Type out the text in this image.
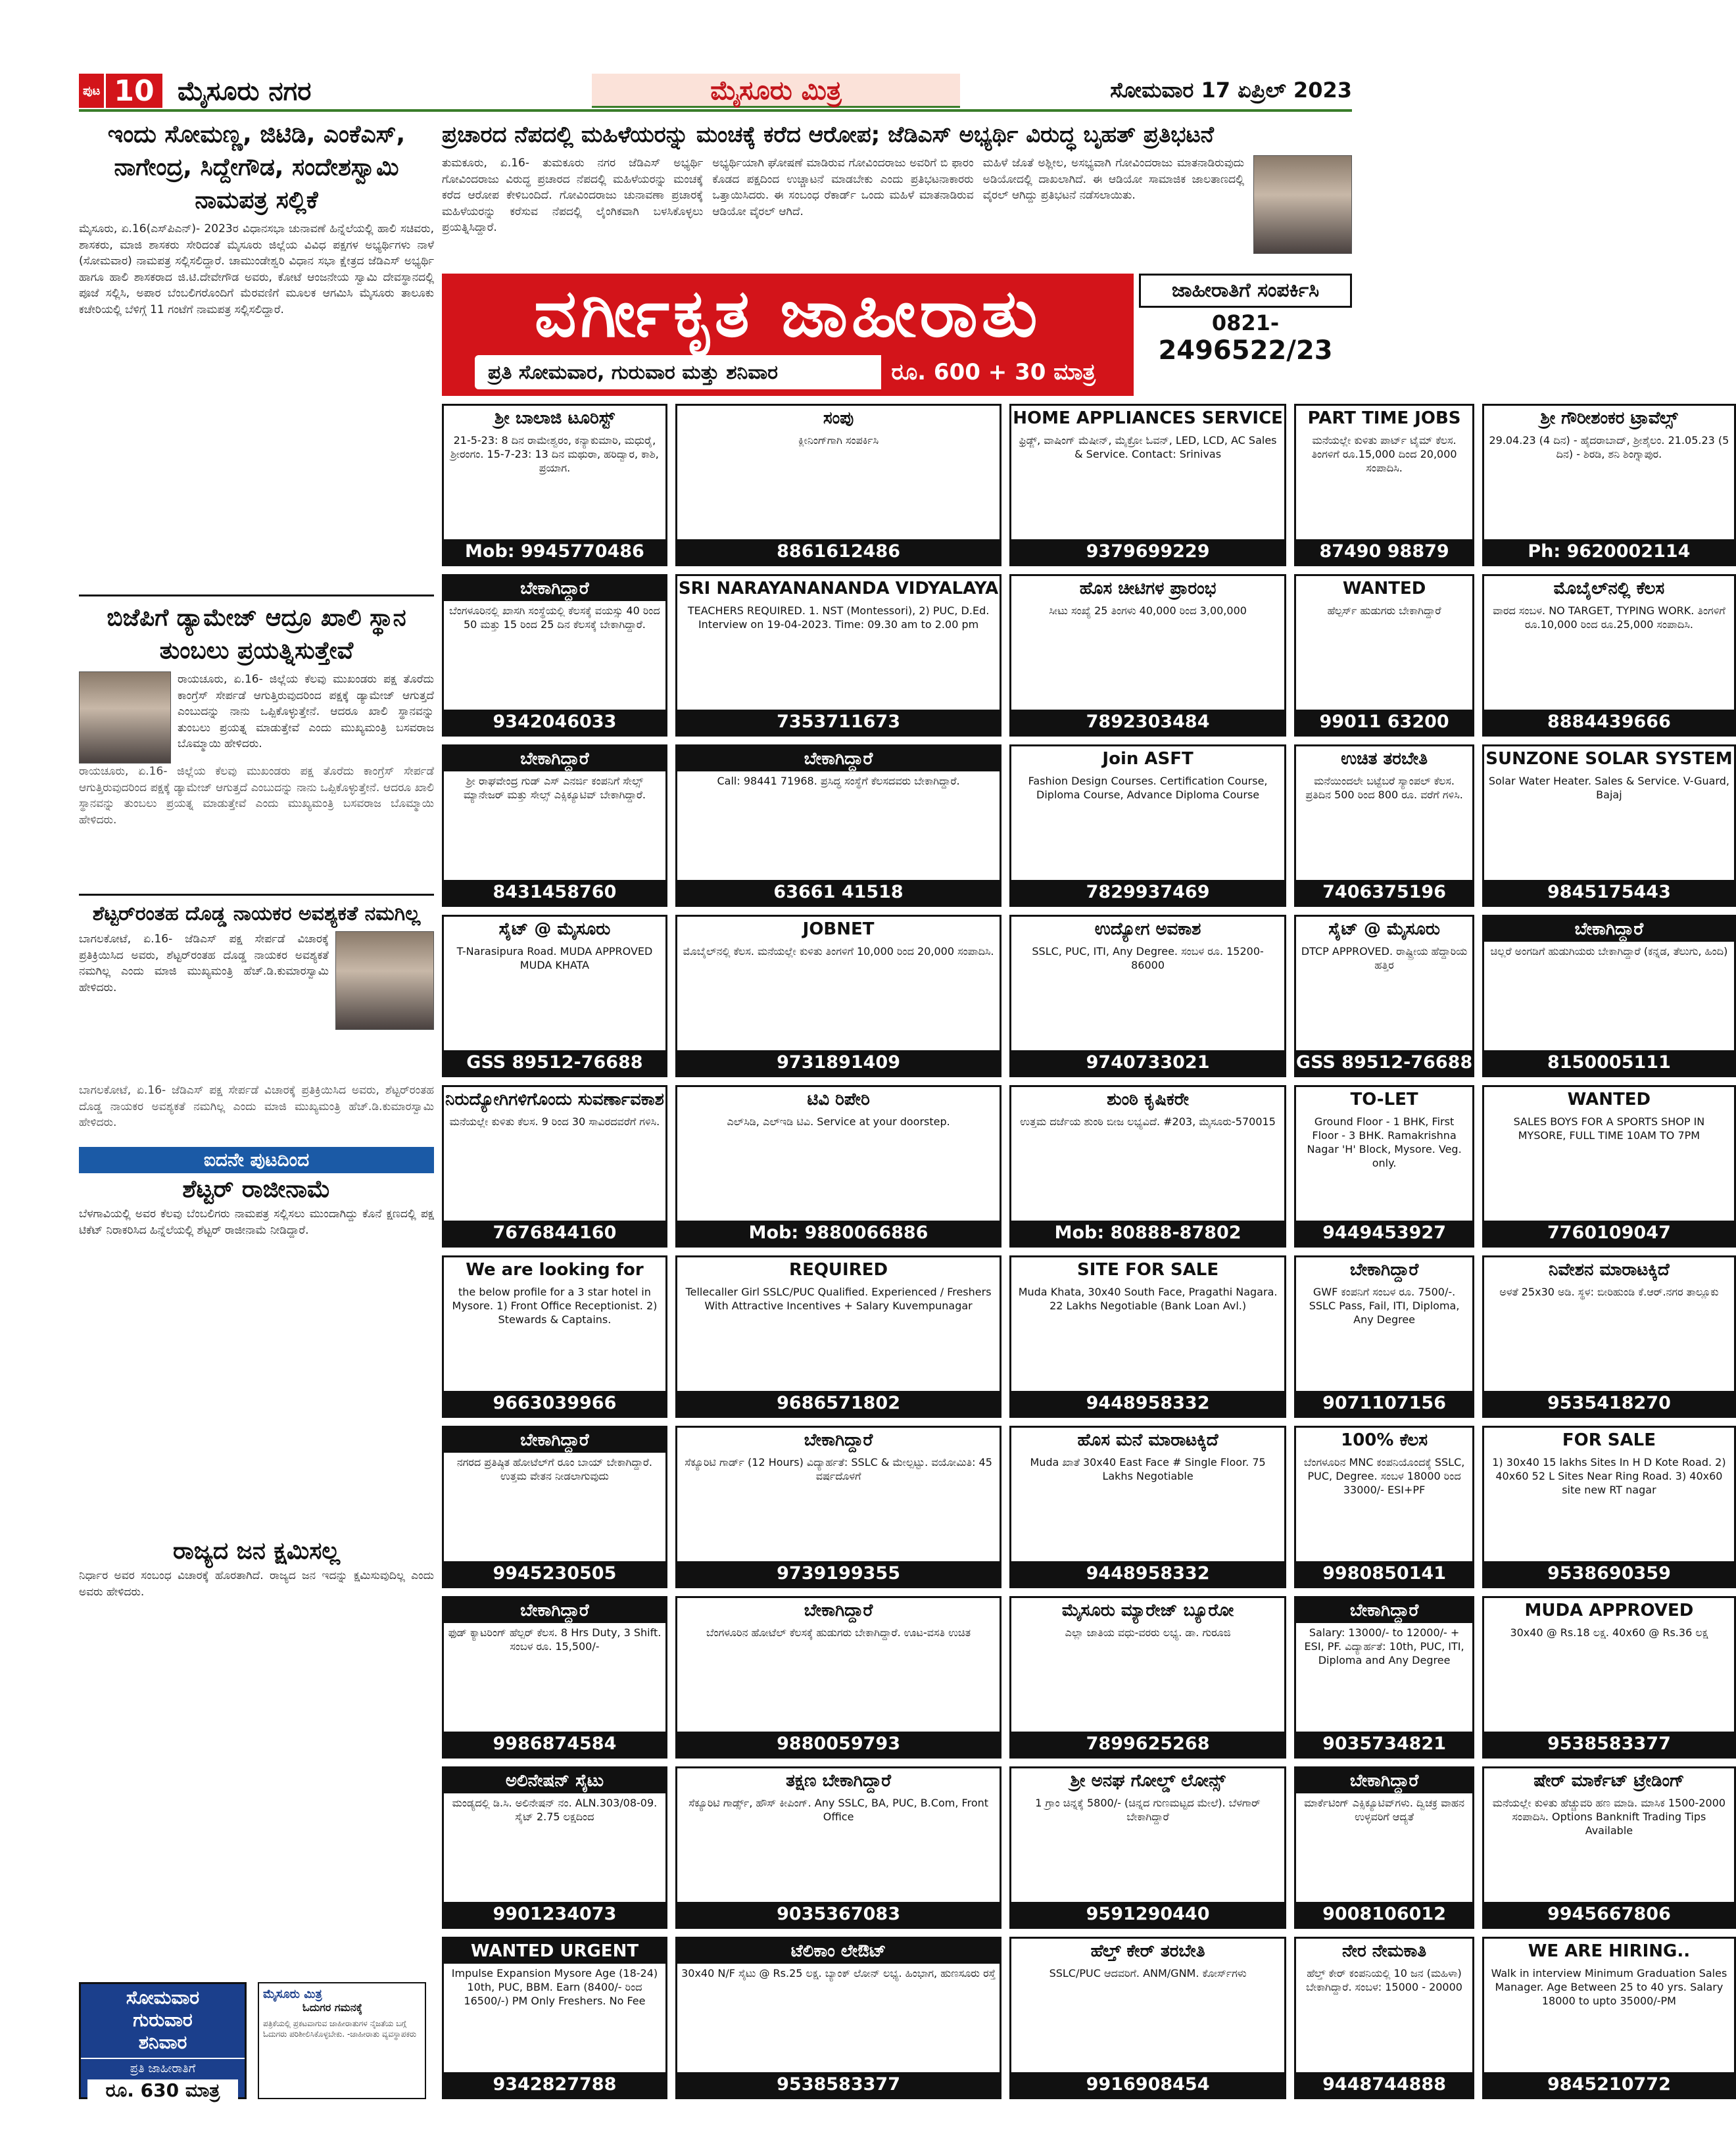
ಪುಟ 10 ಮೈಸೂರು ನಗರ	ಮೈಸೂರು ಮಿತ್ರ	ಸೋಮವಾರ 17 ಏಪ್ರಿಲ್ 2023
ಇಂದು ಸೋಮಣ್ಣ, ಜಿಟಿಡಿ, ಎಂಕೆಎಸ್, ನಾಗೇಂದ್ರ, ಸಿದ್ದೇಗೌಡ, ಸಂದೇಶಸ್ವಾಮಿ ನಾಮಪತ್ರ ಸಲ್ಲಿಕೆ
ಮೈಸೂರು, ಏ.16(ಎಸ್‌ಪಿಎನ್)- 2023ರ ವಿಧಾನಸಭಾ ಚುನಾವಣೆ ಹಿನ್ನೆಲೆಯಲ್ಲಿ ಹಾಲಿ ಸಚಿವರು, ಶಾಸಕರು, ಮಾಜಿ ಶಾಸಕರು ಸೇರಿದಂತೆ ಮೈಸೂರು ಜಿಲ್ಲೆಯ ವಿವಿಧ ಪಕ್ಷಗಳ ಅಭ್ಯರ್ಥಿಗಳು ನಾಳೆ (ಸೋಮವಾರ) ನಾಮಪತ್ರ ಸಲ್ಲಿಸಲಿದ್ದಾರೆ. ಚಾಮುಂಡೇಶ್ವರಿ ವಿಧಾನ ಸಭಾ ಕ್ಷೇತ್ರದ ಜೆಡಿಎಸ್ ಅಭ್ಯರ್ಥಿ ಹಾಗೂ ಹಾಲಿ ಶಾಸಕರಾದ ಜಿ.ಟಿ.ದೇವೇಗೌಡ ಅವರು, ಕೋಟೆ ಆಂಜನೇಯ ಸ್ವಾಮಿ ದೇವಸ್ಥಾನದಲ್ಲಿ ಪೂಜೆ ಸಲ್ಲಿಸಿ, ಅಪಾರ ಬೆಂಬಲಿಗರೊಂದಿಗೆ ಮೆರವಣಿಗೆ ಮೂಲಕ ಆಗಮಿಸಿ ಮೈಸೂರು ತಾಲೂಕು ಕಚೇರಿಯಲ್ಲಿ ಬೆಳಿಗ್ಗೆ 11 ಗಂಟೆಗೆ ನಾಮಪತ್ರ ಸಲ್ಲಿಸಲಿದ್ದಾರೆ.
ಬಿಜೆಪಿಗೆ ಡ್ಯಾಮೇಜ್ ಆದ್ರೂ ಖಾಲಿ ಸ್ಥಾನ ತುಂಬಲು ಪ್ರಯತ್ನಿಸುತ್ತೇವೆ
ರಾಯಚೂರು, ಏ.16- ಜಿಲ್ಲೆಯ ಕೆಲವು ಮುಖಂಡರು ಪಕ್ಷ ತೊರೆದು ಕಾಂಗ್ರೆಸ್ ಸೇರ್ಪಡೆ ಆಗುತ್ತಿರುವುದರಿಂದ ಪಕ್ಷಕ್ಕೆ ಡ್ಯಾಮೇಜ್ ಆಗುತ್ತದೆ ಎಂಬುದನ್ನು ನಾನು ಒಪ್ಪಿಕೊಳ್ಳುತ್ತೇನೆ. ಆದರೂ ಖಾಲಿ ಸ್ಥಾನವನ್ನು ತುಂಬಲು ಪ್ರಯತ್ನ ಮಾಡುತ್ತೇವೆ ಎಂದು ಮುಖ್ಯಮಂತ್ರಿ ಬಸವರಾಜ ಬೊಮ್ಮಾಯಿ ಹೇಳಿದರು.
ರಾಯಚೂರು, ಏ.16- ಜಿಲ್ಲೆಯ ಕೆಲವು ಮುಖಂಡರು ಪಕ್ಷ ತೊರೆದು ಕಾಂಗ್ರೆಸ್ ಸೇರ್ಪಡೆ ಆಗುತ್ತಿರುವುದರಿಂದ ಪಕ್ಷಕ್ಕೆ ಡ್ಯಾಮೇಜ್ ಆಗುತ್ತದೆ ಎಂಬುದನ್ನು ನಾನು ಒಪ್ಪಿಕೊಳ್ಳುತ್ತೇನೆ. ಆದರೂ ಖಾಲಿ ಸ್ಥಾನವನ್ನು ತುಂಬಲು ಪ್ರಯತ್ನ ಮಾಡುತ್ತೇವೆ ಎಂದು ಮುಖ್ಯಮಂತ್ರಿ ಬಸವರಾಜ ಬೊಮ್ಮಾಯಿ ಹೇಳಿದರು.
ಶೆಟ್ಟರ್‌ರಂತಹ ದೊಡ್ಡ ನಾಯಕರ ಅವಶ್ಯಕತೆ ನಮಗಿಲ್ಲ
ಬಾಗಲಕೋಟೆ, ಏ.16- ಜೆಡಿಎಸ್ ಪಕ್ಷ ಸೇರ್ಪಡೆ ವಿಚಾರಕ್ಕೆ ಪ್ರತಿಕ್ರಿಯಿಸಿದ ಅವರು, ಶೆಟ್ಟರ್‌ರಂತಹ ದೊಡ್ಡ ನಾಯಕರ ಅವಶ್ಯಕತೆ ನಮಗಿಲ್ಲ ಎಂದು ಮಾಜಿ ಮುಖ್ಯಮಂತ್ರಿ ಹೆಚ್.ಡಿ.ಕುಮಾರಸ್ವಾಮಿ ಹೇಳಿದರು.
ಬಾಗಲಕೋಟೆ, ಏ.16- ಜೆಡಿಎಸ್ ಪಕ್ಷ ಸೇರ್ಪಡೆ ವಿಚಾರಕ್ಕೆ ಪ್ರತಿಕ್ರಿಯಿಸಿದ ಅವರು, ಶೆಟ್ಟರ್‌ರಂತಹ ದೊಡ್ಡ ನಾಯಕರ ಅವಶ್ಯಕತೆ ನಮಗಿಲ್ಲ ಎಂದು ಮಾಜಿ ಮುಖ್ಯಮಂತ್ರಿ ಹೆಚ್.ಡಿ.ಕುಮಾರಸ್ವಾಮಿ ಹೇಳಿದರು.
ಐದನೇ ಪುಟದಿಂದ
ಶೆಟ್ಟರ್ ರಾಜೀನಾಮೆ
ಬೆಳಗಾವಿಯಲ್ಲಿ ಅವರ ಕೆಲವು ಬೆಂಬಲಿಗರು ನಾಮಪತ್ರ ಸಲ್ಲಿಸಲು ಮುಂದಾಗಿದ್ದು ಕೊನೆ ಕ್ಷಣದಲ್ಲಿ ಪಕ್ಷ ಟಿಕೆಟ್ ನಿರಾಕರಿಸಿದ ಹಿನ್ನೆಲೆಯಲ್ಲಿ ಶೆಟ್ಟರ್ ರಾಜೀನಾಮೆ ನೀಡಿದ್ದಾರೆ.
ರಾಜ್ಯದ ಜನ ಕ್ಷಮಿಸಲ್ಲ
ನಿರ್ಧಾರ ಅವರ ಸಂಬಂಧ ವಿಚಾರಕ್ಕೆ ಹೊರತಾಗಿದೆ. ರಾಜ್ಯದ ಜನ ಇದನ್ನು ಕ್ಷಮಿಸುವುದಿಲ್ಲ ಎಂದು ಅವರು ಹೇಳಿದರು.
ಸೋಮವಾರ
ಗುರುವಾರ
ಶನಿವಾರ
ಪ್ರತಿ ಜಾಹೀರಾತಿಗೆ
ರೂ. 630 ಮಾತ್ರ
ಮೈಸೂರು ಮಿತ್ರ
ಓದುಗರ ಗಮನಕ್ಕೆ
ಪತ್ರಿಕೆಯಲ್ಲಿ ಪ್ರಕಟವಾಗುವ ಜಾಹೀರಾತುಗಳ ನೈಜತೆಯ ಬಗ್ಗೆ ಓದುಗರು ಪರಿಶೀಲಿಸಿಕೊಳ್ಳಬೇಕು. -ಜಾಹೀರಾತು ವ್ಯವಸ್ಥಾಪಕರು
ಪ್ರಚಾರದ ನೆಪದಲ್ಲಿ ಮಹಿಳೆಯರನ್ನು ಮಂಚಕ್ಕೆ ಕರೆದ ಆರೋಪ; ಜೆಡಿಎಸ್ ಅಭ್ಯರ್ಥಿ ವಿರುದ್ಧ ಬೃಹತ್ ಪ್ರತಿಭಟನೆ
ತುಮಕೂರು, ಏ.16- ತುಮಕೂರು ನಗರ ಜೆಡಿಎಸ್ ಅಭ್ಯರ್ಥಿ ಗೋವಿಂದರಾಜು ವಿರುದ್ಧ ಪ್ರಚಾರದ ನೆಪದಲ್ಲಿ ಮಹಿಳೆಯರನ್ನು ಮಂಚಕ್ಕೆ ಕರೆದ ಆರೋಪ ಕೇಳಿಬಂದಿದೆ. ಗೋವಿಂದರಾಜು ಚುನಾವಣಾ ಪ್ರಚಾರಕ್ಕೆ ಮಹಿಳೆಯರನ್ನು ಕರೆಸುವ ನೆಪದಲ್ಲಿ ಲೈಂಗಿಕವಾಗಿ ಬಳಸಿಕೊಳ್ಳಲು ಪ್ರಯತ್ನಿಸಿದ್ದಾರೆ.
ಅಭ್ಯರ್ಥಿಯಾಗಿ ಘೋಷಣೆ ಮಾಡಿರುವ ಗೋವಿಂದರಾಜು ಅವರಿಗೆ ಬಿ ಫಾರಂ ಕೊಡದ ಪಕ್ಷದಿಂದ ಉಚ್ಚಾಟನೆ ಮಾಡಬೇಕು ಎಂದು ಪ್ರತಿಭಟನಾಕಾರರು ಒತ್ತಾಯಿಸಿದರು. ಈ ಸಂಬಂಧ ರೆಕಾರ್ಡ್ ಒಂದು ಮಹಿಳೆ ಮಾತನಾಡಿರುವ ಆಡಿಯೋ ವೈರಲ್ ಆಗಿದೆ.
ಮಹಿಳೆ ಜೊತೆ ಅಶ್ಲೀಲ, ಅಸಭ್ಯವಾಗಿ ಗೋವಿಂದರಾಜು ಮಾತನಾಡಿರುವುದು ಅಡಿಯೋದಲ್ಲಿ ದಾಖಲಾಗಿದೆ. ಈ ಆಡಿಯೋ ಸಾಮಾಜಿಕ ಜಾಲತಾಣದಲ್ಲಿ ವೈರಲ್ ಆಗಿದ್ದು ಪ್ರತಿಭಟನೆ ನಡೆಸಲಾಯಿತು.
ವರ್ಗೀಕೃತ ಜಾಹೀರಾತು
ಪ್ರತಿ ಸೋಮವಾರ, ಗುರುವಾರ ಮತ್ತು ಶನಿವಾರ	ರೂ. 600 + 30 ಮಾತ್ರ
ಜಾಹೀರಾತಿಗೆ ಸಂಪರ್ಕಿಸಿ
0821-
2496522/23
ಶ್ರೀ ಬಾಲಾಜಿ ಟೂರಿಸ್ಟ್
21-5-23: 8 ದಿನ ರಾಮೇಶ್ವರಂ, ಕನ್ಯಾಕುಮಾರಿ, ಮಧುರೈ, ಶ್ರೀರಂಗಂ. 15-7-23: 13 ದಿನ ಮಥುರಾ, ಹರಿದ್ವಾರ, ಕಾಶಿ, ಪ್ರಯಾಗ.
Mob: 9945770486
ಸಂಪು
ಕ್ಲೀನಿಂಗ್‌ಗಾಗಿ ಸಂಪರ್ಕಿಸಿ
8861612486
HOME APPLIANCES SERVICE
ಫ್ರಿಡ್ಜ್, ವಾಷಿಂಗ್ ಮೆಷೀನ್, ಮೈಕ್ರೋ ಓವನ್, LED, LCD, AC Sales & Service. Contact: Srinivas
9379699229
PART TIME JOBS
ಮನೆಯಲ್ಲೇ ಕುಳಿತು ಪಾರ್ಟ್ ಟೈಮ್ ಕೆಲಸ. ತಿಂಗಳಿಗೆ ರೂ.15,000 ದಿಂದ 20,000 ಸಂಪಾದಿಸಿ.
87490 98879
ಶ್ರೀ ಗೌರೀಶಂಕರ ಟ್ರಾವೆಲ್ಸ್
29.04.23 (4 ದಿನ) - ಹೈದರಾಬಾದ್, ಶ್ರೀಶೈಲಂ. 21.05.23 (5 ದಿನ) - ಶಿರಡಿ, ಶನಿ ಶಿಂಗ್ನಾಪುರ.
Ph: 9620002114
ಬೇಕಾಗಿದ್ದಾರೆ
ಬೆಂಗಳೂರಿನಲ್ಲಿ ಖಾಸಗಿ ಸಂಸ್ಥೆಯಲ್ಲಿ ಕೆಲಸಕ್ಕೆ ವಯಸ್ಸು 40 ರಿಂದ 50 ಮತ್ತು 15 ರಿಂದ 25 ದಿನ ಕೆಲಸಕ್ಕೆ ಬೇಕಾಗಿದ್ದಾರೆ.
9342046033
SRI NARAYANANANDA VIDYALAYA
TEACHERS REQUIRED. 1. NST (Montessori), 2) PUC, D.Ed. Interview on 19-04-2023. Time: 09.30 am to 2.00 pm
7353711673
ಹೊಸ ಚೀಟಿಗಳ ಪ್ರಾರಂಭ
ಸೀಟು ಸಂಖ್ಯೆ 25 ತಿಂಗಳು 40,000 ರಿಂದ 3,00,000
7892303484
WANTED
ಹೆಲ್ಪರ್ಸ್ ಹುಡುಗರು ಬೇಕಾಗಿದ್ದಾರೆ
99011 63200
ಮೊಬೈಲ್‌ನಲ್ಲಿ ಕೆಲಸ
ವಾರದ ಸಂಬಳ. NO TARGET, TYPING WORK. ತಿಂಗಳಿಗೆ ರೂ.10,000 ರಿಂದ ರೂ.25,000 ಸಂಪಾದಿಸಿ.
8884439666
ಬೇಕಾಗಿದ್ದಾರೆ
ಶ್ರೀ ರಾಘವೇಂದ್ರ ಗುಡ್ ಎಸ್ ಎನರ್ಜಿ ಕಂಪನಿಗೆ ಸೇಲ್ಸ್ ಮ್ಯಾನೇಜರ್ ಮತ್ತು ಸೇಲ್ಸ್ ಎಕ್ಸಿಕ್ಯೂಟಿವ್ ಬೇಕಾಗಿದ್ದಾರೆ.
8431458760
ಬೇಕಾಗಿದ್ದಾರೆ
Call: 98441 71968. ಪ್ರಸಿದ್ಧ ಸಂಸ್ಥೆಗೆ ಕೆಲಸದವರು ಬೇಕಾಗಿದ್ದಾರೆ.
63661 41518
Join ASFT
Fashion Design Courses. Certification Course, Diploma Course, Advance Diploma Course
7829937469
ಉಚಿತ ತರಬೇತಿ
ಮನೆಯಿಂದಲೇ ಬಟ್ಟೆಬರೆ ಸ್ಯಾಂಪಲ್ ಕೆಲಸ. ಪ್ರತಿದಿನ 500 ರಿಂದ 800 ರೂ. ವರೆಗೆ ಗಳಿಸಿ.
7406375196
SUNZONE SOLAR SYSTEM
Solar Water Heater. Sales & Service. V-Guard, Bajaj
9845175443
ಸೈಟ್ @ ಮೈಸೂರು
T-Narasipura Road. MUDA APPROVED MUDA KHATA
GSS 89512-76688
JOBNET
ಮೊಬೈಲ್‌ನಲ್ಲಿ ಕೆಲಸ. ಮನೆಯಲ್ಲೇ ಕುಳಿತು ತಿಂಗಳಿಗೆ 10,000 ರಿಂದ 20,000 ಸಂಪಾದಿಸಿ.
9731891409
ಉದ್ಯೋಗ ಅವಕಾಶ
SSLC, PUC, ITI, Any Degree. ಸಂಬಳ ರೂ. 15200-86000
9740733021
ಸೈಟ್ @ ಮೈಸೂರು
DTCP APPROVED. ರಾಷ್ಟ್ರೀಯ ಹೆದ್ದಾರಿಯ ಹತ್ತಿರ
GSS 89512-76688
ಬೇಕಾಗಿದ್ದಾರೆ
ಚಿಲ್ಲರೆ ಅಂಗಡಿಗೆ ಹುಡುಗಿಯರು ಬೇಕಾಗಿದ್ದಾರೆ (ಕನ್ನಡ, ತೆಲುಗು, ಹಿಂದಿ)
8150005111
ನಿರುದ್ಯೋಗಿಗಳಿಗೊಂದು ಸುವರ್ಣಾವಕಾಶ
ಮನೆಯಲ್ಲೇ ಕುಳಿತು ಕೆಲಸ. 9 ರಿಂದ 30 ಸಾವಿರದವರೆಗೆ ಗಳಿಸಿ.
7676844160
ಟಿವಿ ರಿಪೇರಿ
ಎಲ್‌ಸಿಡಿ, ಎಲ್‌ಇಡಿ ಟಿವಿ. Service at your doorstep.
Mob: 9880066886
ಶುಂಠಿ ಕೃಷಿಕರೇ
ಉತ್ತಮ ದರ್ಜೆಯ ಶುಂಠಿ ಬೀಜ ಲಭ್ಯವಿದೆ. #203, ಮೈಸೂರು-570015
Mob: 80888-87802
TO-LET
Ground Floor - 1 BHK, First Floor - 3 BHK. Ramakrishna Nagar 'H' Block, Mysore. Veg. only.
9449453927
WANTED
SALES BOYS FOR A SPORTS SHOP IN MYSORE, FULL TIME 10AM TO 7PM
7760109047
We are looking for
the below profile for a 3 star hotel in Mysore. 1) Front Office Receptionist. 2) Stewards & Captains.
9663039966
REQUIRED
Tellecaller Girl SSLC/PUC Qualified. Experienced / Freshers With Attractive Incentives + Salary Kuvempunagar
9686571802
SITE FOR SALE
Muda Khata, 30x40 South Face, Pragathi Nagara. 22 Lakhs Negotiable (Bank Loan Avl.)
9448958332
ಬೇಕಾಗಿದ್ದಾರೆ
GWF ಕಂಪನಿಗೆ ಸಂಬಳ ರೂ. 7500/-. SSLC Pass, Fail, ITI, Diploma, Any Degree
9071107156
ನಿವೇಶನ ಮಾರಾಟಕ್ಕಿದೆ
ಅಳತೆ 25x30 ಅಡಿ. ಸ್ಥಳ: ಬೀರಿಹುಂಡಿ ಕೆ.ಆರ್.ನಗರ ತಾಲ್ಲೂಕು
9535418270
ಬೇಕಾಗಿದ್ದಾರೆ
ನಗರದ ಪ್ರತಿಷ್ಠಿತ ಹೋಟೆಲ್‌ಗೆ ರೂಂ ಬಾಯ್ ಬೇಕಾಗಿದ್ದಾರೆ. ಉತ್ತಮ ವೇತನ ನೀಡಲಾಗುವುದು
9945230505
ಬೇಕಾಗಿದ್ದಾರೆ
ಸೆಕ್ಯೂರಿಟಿ ಗಾರ್ಡ್ (12 Hours) ವಿದ್ಯಾರ್ಹತೆ: SSLC & ಮೇಲ್ಪಟ್ಟು. ವಯೋಮಿತಿ: 45 ವರ್ಷದೊಳಗೆ
9739199355
ಹೊಸ ಮನೆ ಮಾರಾಟಕ್ಕಿದೆ
Muda ಖಾತೆ 30x40 East Face # Single Floor. 75 Lakhs Negotiable
9448958332
100% ಕೆಲಸ
ಬೆಂಗಳೂರಿನ MNC ಕಂಪನಿಯೊಂದಕ್ಕೆ SSLC, PUC, Degree. ಸಂಬಳ 18000 ರಿಂದ 33000/- ESI+PF
9980850141
FOR SALE
1) 30x40 15 lakhs Sites In H D Kote Road. 2) 40x60 52 L Sites Near Ring Road. 3) 40x60 site new RT nagar
9538690359
ಬೇಕಾಗಿದ್ದಾರೆ
ಫುಡ್ ಕ್ಯಾಟರಿಂಗ್ ಹೆಲ್ಪರ್ ಕೆಲಸ. 8 Hrs Duty, 3 Shift. ಸಂಬಳ ರೂ. 15,500/-
9986874584
ಬೇಕಾಗಿದ್ದಾರೆ
ಬೆಂಗಳೂರಿನ ಹೋಟೆಲ್ ಕೆಲಸಕ್ಕೆ ಹುಡುಗರು ಬೇಕಾಗಿದ್ದಾರೆ. ಊಟ-ವಸತಿ ಉಚಿತ
9880059793
ಮೈಸೂರು ಮ್ಯಾರೇಜ್ ಬ್ಯೂರೋ
ಎಲ್ಲಾ ಜಾತಿಯ ವಧು-ವರರು ಲಭ್ಯ. ಡಾ. ಗುರೂಜಿ
7899625268
ಬೇಕಾಗಿದ್ದಾರೆ
Salary: 13000/- to 12000/- + ESI, PF. ವಿದ್ಯಾರ್ಹತೆ: 10th, PUC, ITI, Diploma and Any Degree
9035734821
MUDA APPROVED
30x40 @ Rs.18 ಲಕ್ಷ. 40x60 @ Rs.36 ಲಕ್ಷ
9538583377
ಅಲಿನೇಷನ್ ಸೈಟು
ಮಂಡ್ಯದಲ್ಲಿ ಡಿ.ಸಿ. ಅಲಿನೇಷನ್ ನಂ. ALN.303/08-09. ಸೈಟ್ 2.75 ಲಕ್ಷದಿಂದ
9901234073
ತಕ್ಷಣ ಬೇಕಾಗಿದ್ದಾರೆ
ಸೆಕ್ಯೂರಿಟಿ ಗಾರ್ಡ್ಸ್, ಹೌಸ್ ಕೀಪಿಂಗ್. Any SSLC, BA, PUC, B.Com, Front Office
9035367083
ಶ್ರೀ ಅನಘ ಗೋಲ್ಡ್ ಲೋನ್ಸ್
1 ಗ್ರಾಂ ಚಿನ್ನಕ್ಕೆ 5800/- (ಚಿನ್ನದ ಗುಣಮಟ್ಟದ ಮೇಲೆ). ಬೆಳಗಾರ್ ಬೇಕಾಗಿದ್ದಾರೆ
9591290440
ಬೇಕಾಗಿದ್ದಾರೆ
ಮಾರ್ಕೆಟಿಂಗ್ ಎಕ್ಸಿಕ್ಯೂಟಿವ್‌ಗಳು. ದ್ವಿಚಕ್ರ ವಾಹನ ಉಳ್ಳವರಿಗೆ ಆದ್ಯತೆ
9008106012
ಷೇರ್ ಮಾರ್ಕೆಟ್ ಟ್ರೇಡಿಂಗ್
ಮನೆಯಲ್ಲೇ ಕುಳಿತು ಹೆಚ್ಚುವರಿ ಹಣ ಮಾಡಿ. ಮಾಸಿಕ 1500-2000 ಸಂಪಾದಿಸಿ. Options Banknift Trading Tips Available
9945667806
WANTED URGENT
Impulse Expansion Mysore Age (18-24) 10th, PUC, BBM. Earn (8400/- ರಿಂದ 16500/-) PM Only Freshers. No Fee
9342827788
ಟೆಲಿಕಾಂ ಲೇಔಟ್
30x40 N/F ಸೈಟು @ Rs.25 ಲಕ್ಷ. ಬ್ಯಾಂಕ್ ಲೋನ್ ಲಭ್ಯ. ಹಿಂಭಾಗ, ಹುಣಸೂರು ರಸ್ತೆ
9538583377
ಹೆಲ್ತ್ ಕೇರ್ ತರಬೇತಿ
SSLC/PUC ಆದವರಿಗೆ. ANM/GNM. ಕೋರ್ಸ್‌ಗಳು
9916908454
ನೇರ ನೇಮಕಾತಿ
ಹೆಲ್ತ್ ಕೇರ್ ಕಂಪನಿಯಲ್ಲಿ 10 ಜನ (ಮಹಿಳಾ) ಬೇಕಾಗಿದ್ದಾರೆ. ಸಂಬಳ: 15000 - 20000
9448744888
WE ARE HIRING..
Walk in interview Minimum Graduation Sales Manager. Age Between 25 to 40 yrs. Salary 18000 to upto 35000/-PM
9845210772
